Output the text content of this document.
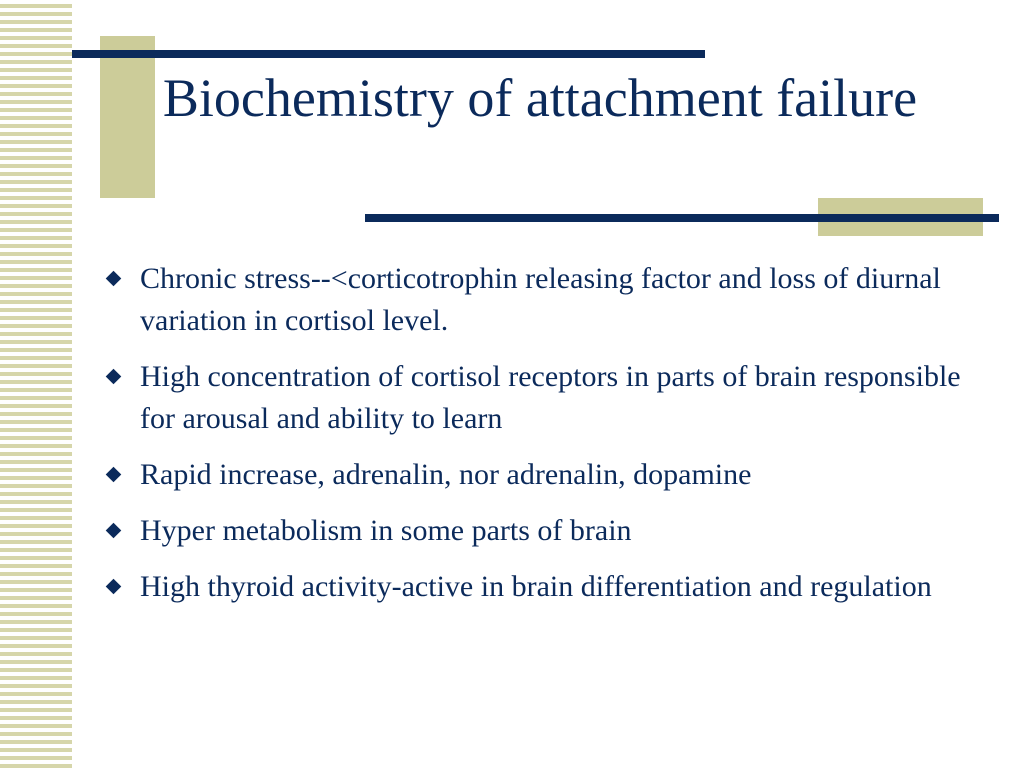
Biochemistry of attachment failure
Chronic stress--<corticotrophin releasing factor and loss of diurnal variation in cortisol level.
High concentration of cortisol receptors in parts of brain responsible for arousal and ability to learn
Rapid increase, adrenalin, nor adrenalin, dopamine
Hyper metabolism in some parts of brain
High thyroid activity-active in brain differentiation and regulation
